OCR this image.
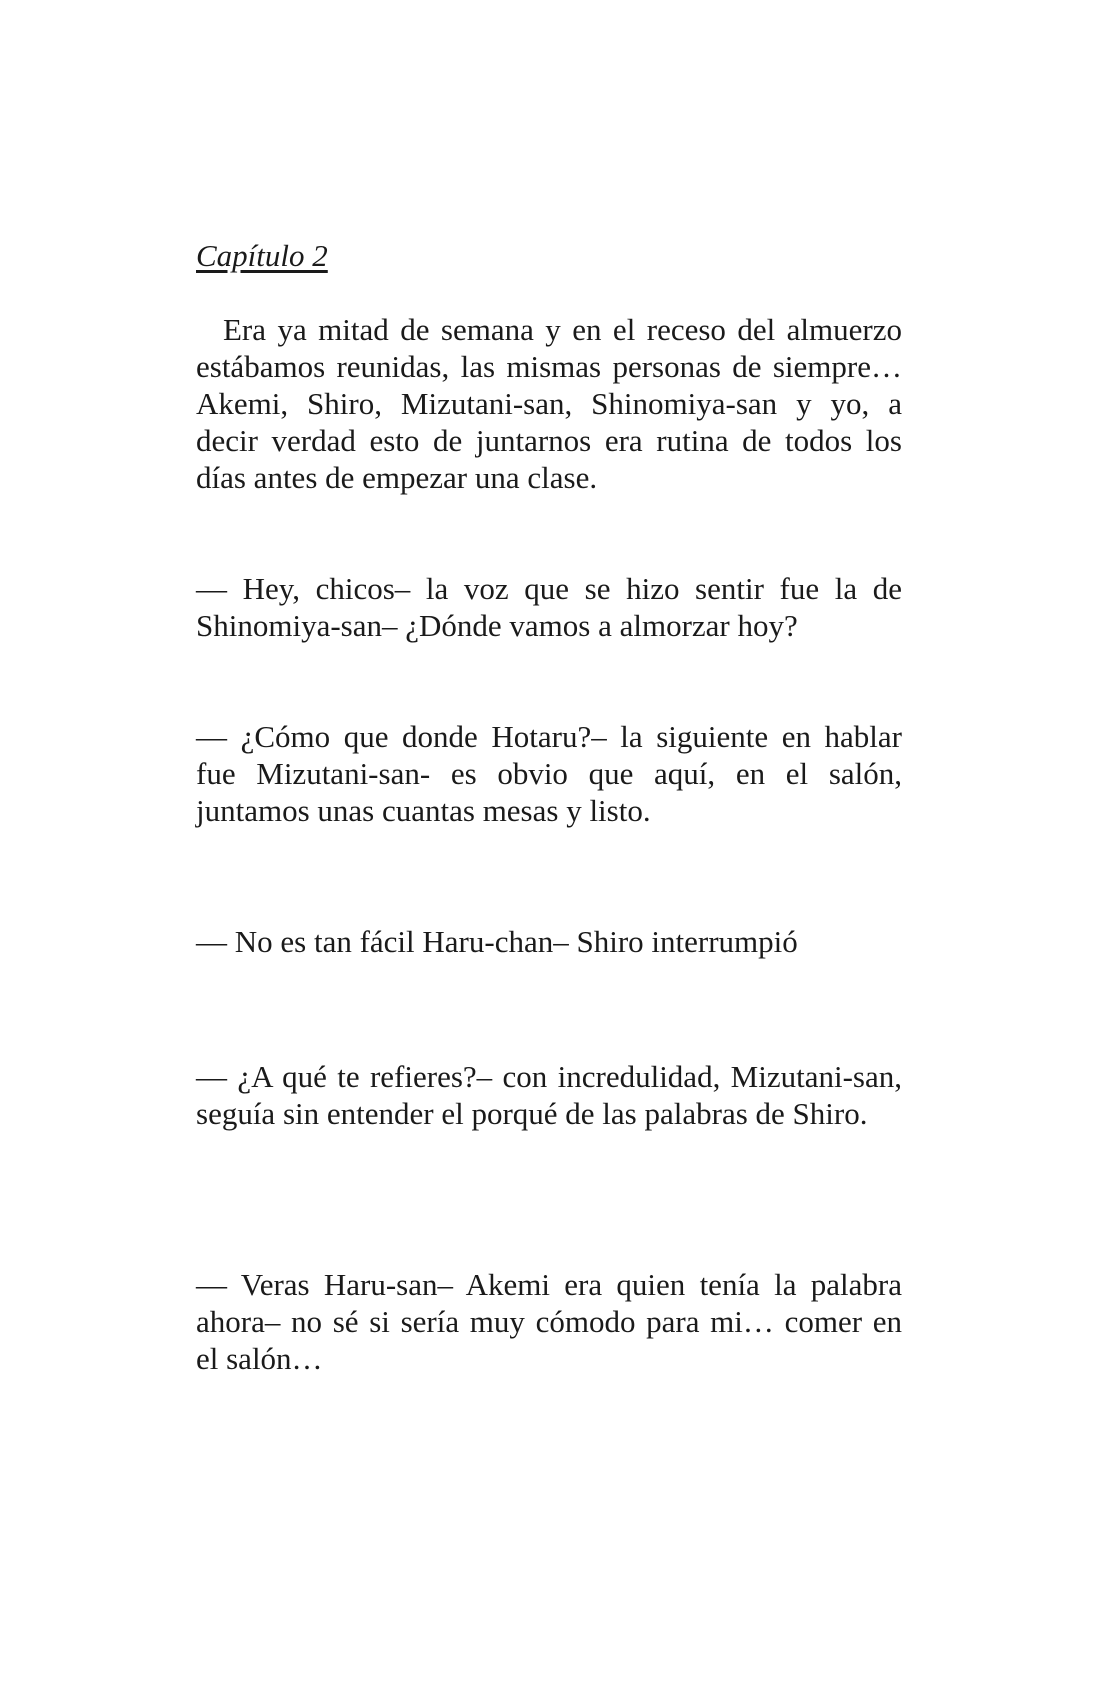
Capítulo 2

Era ya mitad de semana y en el receso del almuerzo estábamos reunidas, las mismas personas de siempre… Akemi, Shiro, Mizutani-san, Shinomiya-san y yo, a decir verdad esto de juntarnos era rutina de todos los días antes de empezar una clase.

— Hey, chicos– la voz que se hizo sentir fue la de Shinomiya-san– ¿Dónde vamos a almorzar hoy?

— ¿Cómo que donde Hotaru?– la siguiente en hablar fue Mizutani-san- es obvio que aquí, en el salón, juntamos unas cuantas mesas y listo.

— No es tan fácil Haru-chan– Shiro interrumpió

— ¿A qué te refieres?– con incredulidad, Mizutani-san, seguía sin entender el porqué de las palabras de Shiro.

— Veras Haru-san– Akemi era quien tenía la palabra ahora– no sé si sería muy cómodo para mi… comer en el salón…
